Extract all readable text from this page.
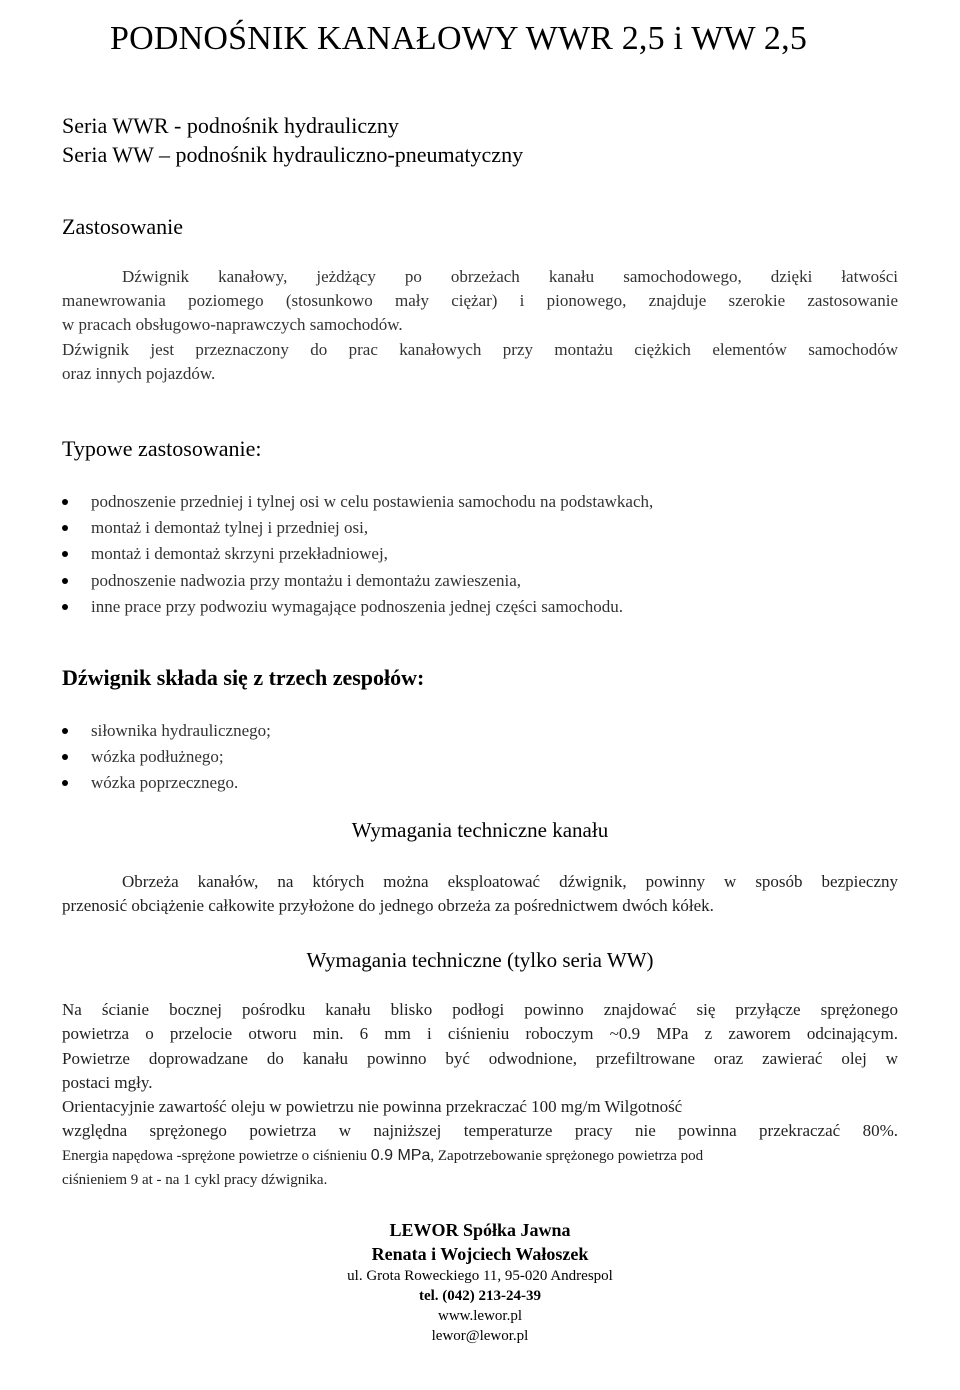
PODNOŚNIK KANAŁOWY WWR 2,5 i WW 2,5
Seria WWR - podnośnik hydrauliczny
Seria WW – podnośnik hydrauliczno-pneumatyczny
Zastosowanie
Dźwignik kanałowy, jeżdżący po obrzeżach kanału samochodowego, dzięki łatwości
manewrowania poziomego (stosunkowo mały ciężar) i pionowego, znajduje szerokie zastosowanie
w pracach obsługowo-naprawczych samochodów.
Dźwignik jest przeznaczony do prac kanałowych przy montażu ciężkich elementów samochodów
oraz innych pojazdów.
Typowe zastosowanie:
podnoszenie przedniej i tylnej osi w celu postawienia samochodu na podstawkach,
montaż i demontaż tylnej i przedniej osi,
montaż i demontaż skrzyni przekładniowej,
podnoszenie nadwozia przy montażu i demontażu zawieszenia,
inne prace przy podwoziu wymagające podnoszenia jednej części samochodu.
Dźwignik składa się z trzech zespołów:
siłownika hydraulicznego;
wózka podłużnego;
wózka poprzecznego.
Wymagania techniczne kanału
Obrzeża kanałów, na których można eksploatować dźwignik, powinny w sposób bezpieczny
przenosić obciążenie całkowite przyłożone do jednego obrzeża za pośrednictwem dwóch kółek.
Wymagania techniczne (tylko seria WW)
Na ścianie bocznej pośrodku kanału blisko podłogi powinno znajdować się przyłącze sprężonego
powietrza o przelocie otworu min. 6 mm i ciśnieniu roboczym ~0.9 MPa z zaworem odcinającym.
Powietrze doprowadzane do kanału powinno być odwodnione, przefiltrowane oraz zawierać olej w
postaci mgły.
Orientacyjnie zawartość oleju w powietrzu nie powinna przekraczać 100 mg/m Wilgotność
względna sprężonego powietrza w najniższej temperaturze pracy nie powinna przekraczać 80%.
Energia napędowa -sprężone powietrze o ciśnieniu 0.9 MPa, Zapotrzebowanie sprężonego powietrza pod
ciśnieniem 9 at - na 1 cykl pracy dźwignika.
LEWOR Spółka Jawna
Renata i Wojciech Wałoszek
ul. Grota Roweckiego 11, 95-020 Andrespol
tel. (042) 213-24-39
www.lewor.pl
lewor@lewor.pl
